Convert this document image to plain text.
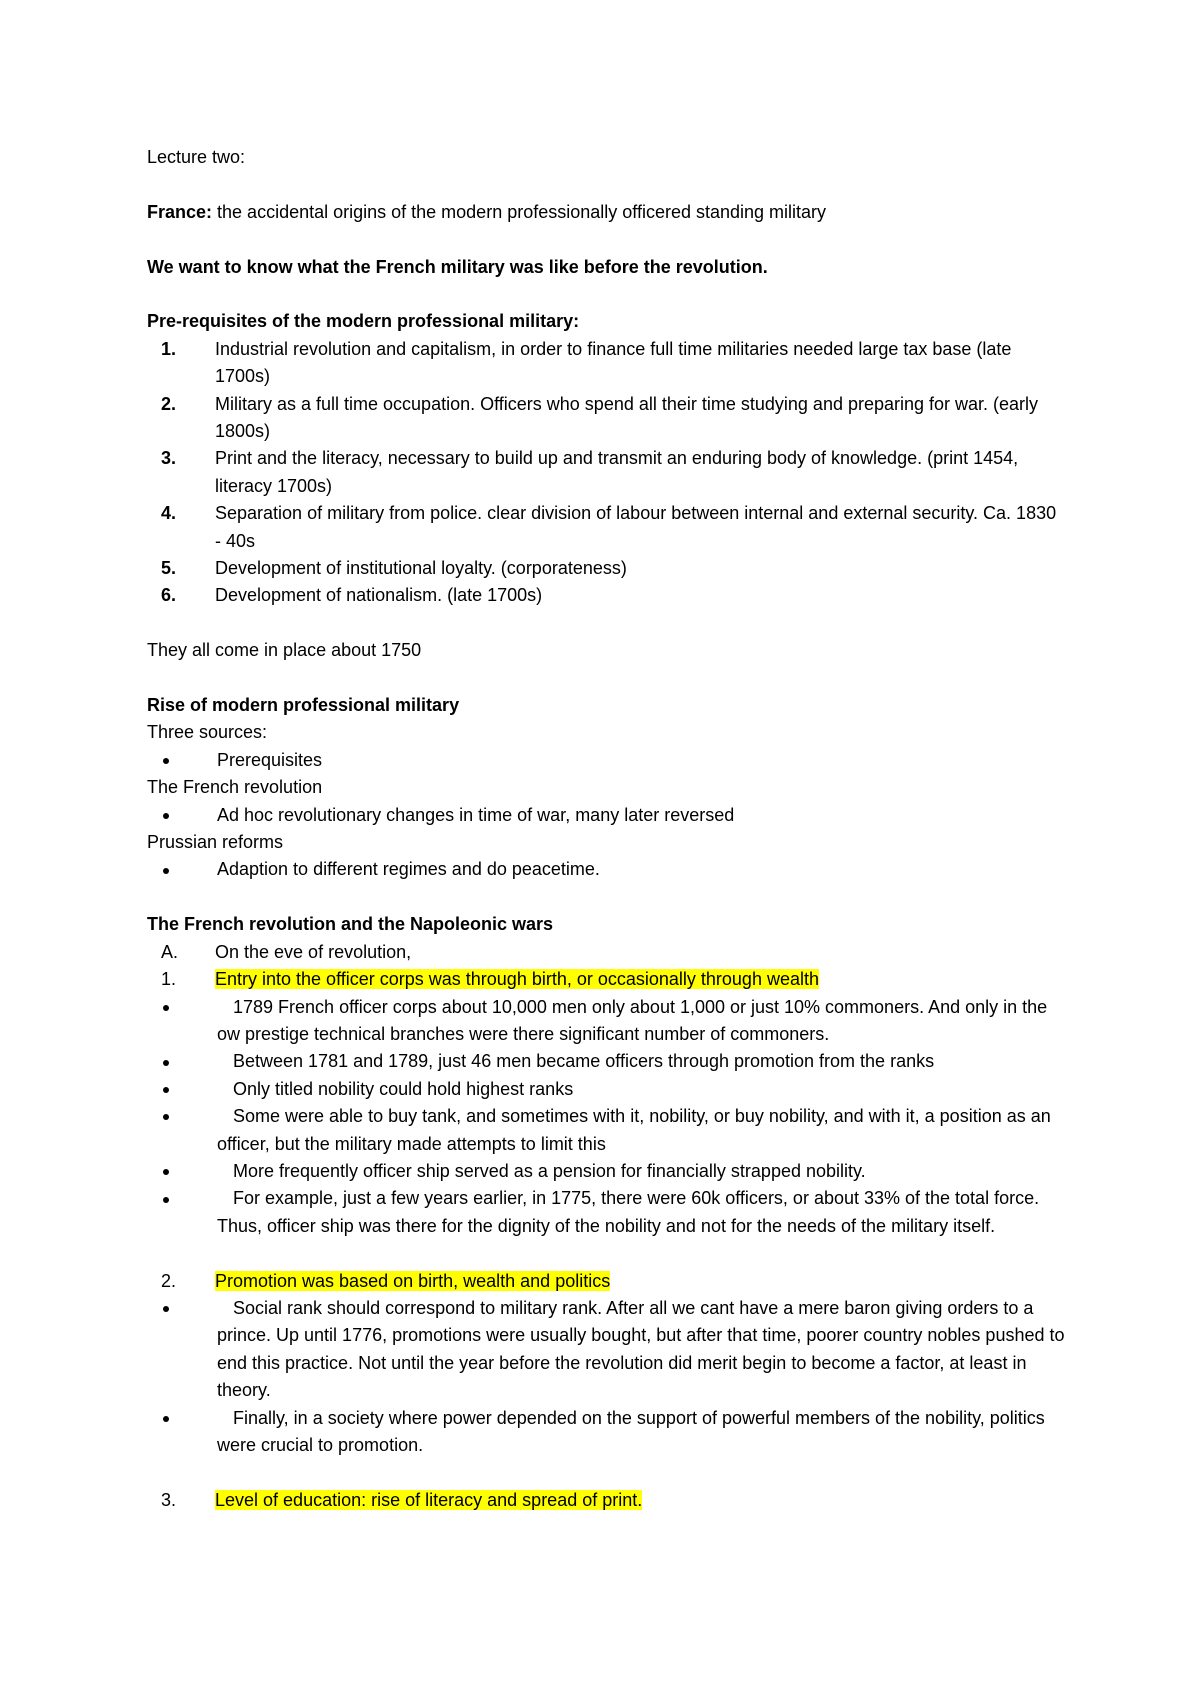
Lecture two:
France: the accidental origins of the modern professionally officered standing military
We want to know what the French military was like before the revolution.
Pre-requisites of the modern professional military:
1.	Industrial revolution and capitalism, in order to finance full time militaries needed large tax base (late 1700s)
2.	Military as a full time occupation. Officers who spend all their time studying and preparing for war. (early 1800s)
3.	Print and the literacy, necessary to build up and transmit an enduring body of knowledge. (print 1454, literacy 1700s)
4.	Separation of military from police. clear division of labour between internal and external security. Ca. 1830 - 40s
5.	Development of institutional loyalty. (corporateness)
6.	Development of nationalism. (late 1700s)
They all come in place about 1750
Rise of modern professional military
Three sources:
Prerequisites
The French revolution
Ad hoc revolutionary changes in time of war, many later reversed
Prussian reforms
Adaption to different regimes and do peacetime.
The French revolution and the Napoleonic wars
A.	On the eve of revolution,
1.	Entry into the officer corps was through birth, or occasionally through wealth
1789 French officer corps about 10,000 men only about 1,000 or just 10% commoners. And only in the ow prestige technical branches were there significant number of commoners.
Between 1781 and 1789, just 46 men became officers through promotion from the ranks
Only titled nobility could hold highest ranks
Some were able to buy tank, and sometimes with it, nobility, or buy nobility, and with it, a position as an officer, but the military made attempts to limit this
More frequently officer ship served as a pension for financially strapped nobility.
For example, just a few years earlier, in 1775, there were 60k officers, or about 33% of the total force. Thus, officer ship was there for the dignity of the nobility and not for the needs of the military itself.
2.	Promotion was based on birth, wealth and politics
Social rank should correspond to military rank. After all we cant have a mere baron giving orders to a prince. Up until 1776, promotions were usually bought, but after that time, poorer country nobles pushed to end this practice. Not until the year before the revolution did merit begin to become a factor, at least in theory.
Finally, in a society where power depended on the support of powerful members of the nobility, politics were crucial to promotion.
3.	Level of education: rise of literacy and spread of print.
